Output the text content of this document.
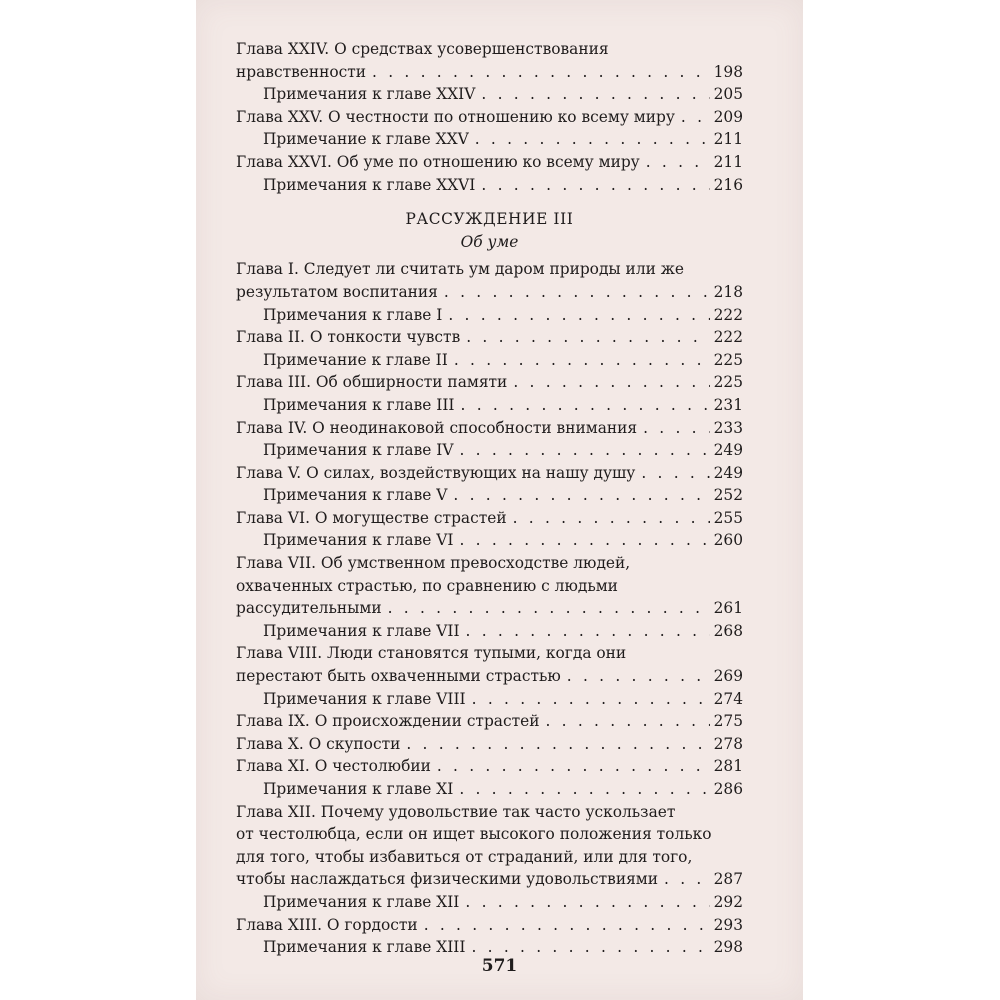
Глава XXIV. О средствах усовершенствования
нравственности . . .	198
Примечания к главе XXIV . . .	205
Глава XXV. О честности по отношению ко всему миру . . .	209
Примечание к главе XXV . . .	211
Глава XXVI. Об уме по отношению ко всему миру . . .	211
Примечания к главе XXVI . . .	216
РАССУЖДЕНИЕ III
Об уме
Глава I. Следует ли считать ум даром природы или же
результатом воспитания . . .	218
Примечания к главе I . . .	222
Глава II. О тонкости чувств . . .	222
Примечание к главе II . . .	225
Глава III. Об обширности памяти . . .	225
Примечания к главе III . . .	231
Глава IV. О неодинаковой способности внимания . . .	233
Примечания к главе IV . . .	249
Глава V. О силах, воздействующих на нашу душу . . .	249
Примечания к главе V . . .	252
Глава VI. О могуществе страстей . . .	255
Примечания к главе VI . . .	260
Глава VII. Об умственном превосходстве людей,
охваченных страстью, по сравнению с людьми
рассудительными . . .	261
Примечания к главе VII . . .	268
Глава VIII. Люди становятся тупыми, когда они
перестают быть охваченными страстью . . .	269
Примечания к главе VIII . . .	274
Глава IX. О происхождении страстей . . .	275
Глава X. О скупости . . .	278
Глава XI. О честолюбии . . .	281
Примечания к главе XI . . .	286
Глава XII. Почему удовольствие так часто ускользает
от честолюбца, если он ищет высокого положения только
для того, чтобы избавиться от страданий, или для того,
чтобы наслаждаться физическими удовольствиями . . .	287
Примечания к главе XII . . .	292
Глава XIII. О гордости . . .	293
Примечания к главе XIII . . .	298
571
